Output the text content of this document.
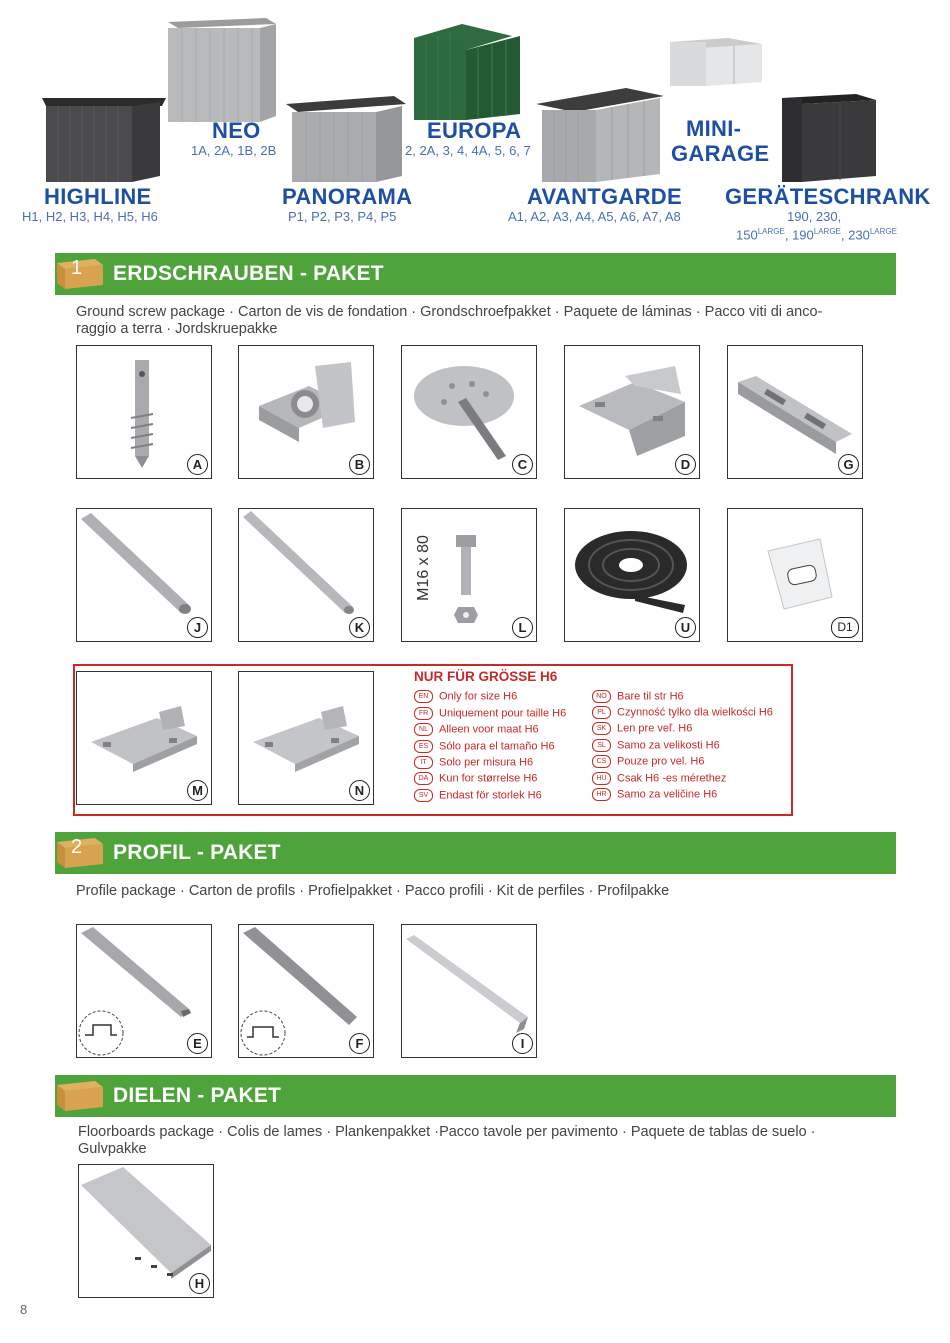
HIGHLINE
H1, H2, H3, H4, H5, H6
NEO
1A, 2A, 1B, 2B
PANORAMA
P1, P2, P3, P4, P5
EUROPA
2, 2A, 3, 4, 4A, 5, 6, 7
AVANTGARDE
A1, A2, A3, A4, A5, A6, A7, A8
MINI-
GARAGE
GERÄTESCHRANK
190, 230,
$150^{LARGE}$, $190^{LARGE}$, $230^{LARGE}$
1 ERDSCHRAUBEN - PAKET
Ground screw package · Carton de vis de fondation · Grondschroefpakket · Paquete de láminas · Pacco viti di anco-
raggio a terra · Jordskruepakke
A	B	C	D	G
J	K
M16 x 80
L	U	D1
M	N
NUR FÜR GRÖSSE H6
EN Only for size H6
FR Uniquement pour taille H6
NL Alleen voor maat H6
ES Sólo para el tamaño H6
IT Solo per misura H6
DA Kun for størrelse H6
SV Endast för storlek H6
NO Bare til str H6
PL Czynność tylko dla wielkości H6
SK Len pre veľ. H6
SL Samo za velikosti H6
CS Pouze pro vel. H6
HU Csak H6 -es mérethez
HR Samo za veličine H6
2 PROFIL - PAKET
Profile package · Carton de profils · Profielpakket · Pacco profili · Kit de perfiles · Profilpakke
E	F	I
DIELEN - PAKET
Floorboards package · Colis de lames · Plankenpakket ·Pacco tavole per pavimento · Paquete de tablas de suelo ·
Gulvpakke
H
8
